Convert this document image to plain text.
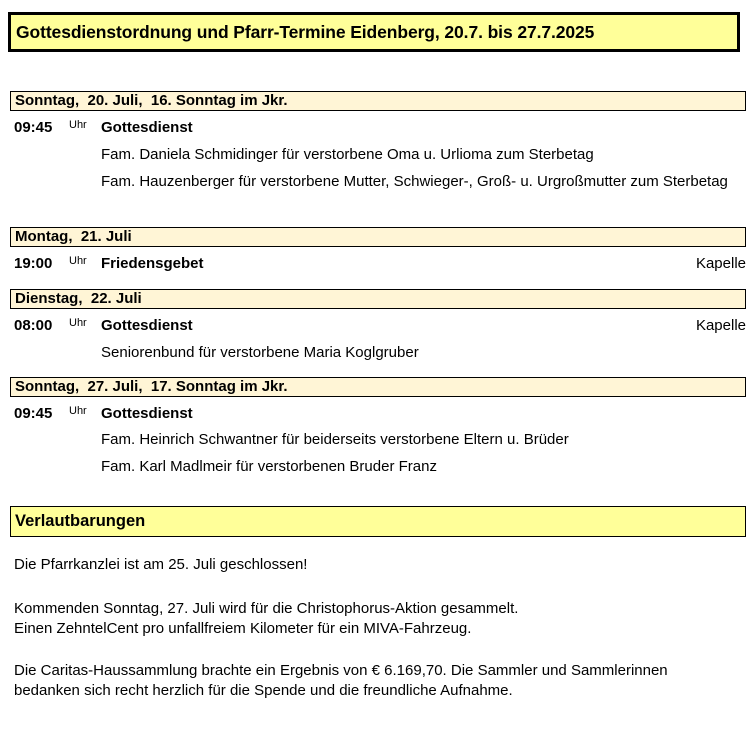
Gottesdienstordnung und Pfarr-Termine Eidenberg, 20.7. bis 27.7.2025
Sonntag,  20. Juli,  16. Sonntag im Jkr.
09:45 Uhr Gottesdienst
Fam. Daniela Schmidinger für verstorbene Oma u. Urlioma zum Sterbetag
Fam. Hauzenberger für verstorbene Mutter, Schwieger-, Groß- u. Urgroßmutter zum Sterbetag
Montag,  21. Juli
19:00 Uhr Friedensgebet	Kapelle
Dienstag,  22. Juli
08:00 Uhr Gottesdienst	Kapelle
Seniorenbund für verstorbene Maria Koglgruber
Sonntag,  27. Juli,  17. Sonntag im Jkr.
09:45 Uhr Gottesdienst
Fam. Heinrich Schwantner für beiderseits verstorbene Eltern u. Brüder
Fam. Karl Madlmeir für verstorbenen Bruder Franz
Verlautbarungen
Die Pfarrkanzlei ist am 25. Juli geschlossen!
Kommenden Sonntag, 27. Juli wird für die Christophorus-Aktion gesammelt.
Einen ZehntelCent pro unfallfreiem Kilometer für ein MIVA-Fahrzeug.
Die Caritas-Haussammlung brachte ein Ergebnis von € 6.169,70. Die Sammler und Sammlerinnen bedanken sich recht herzlich für die Spende und die freundliche Aufnahme.
